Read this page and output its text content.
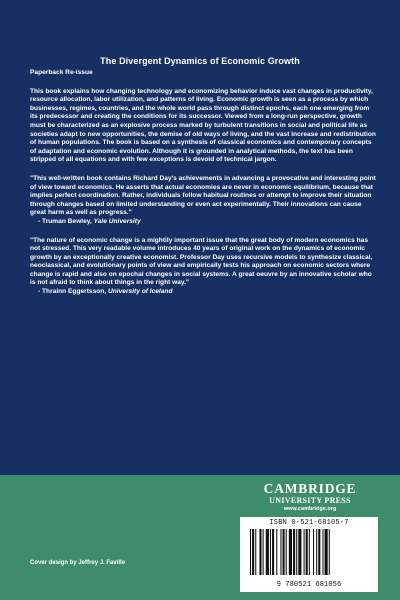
The Divergent Dynamics of Economic Growth
Paperback Re-issue
This book explains how changing technology and economizing behavior induce vast changes in productivity, resource allocation, labor utilization, and patterns of living. Economic growth is seen as a process by which businesses, regimes, countries, and the whole world pass through distinct epochs, each one emerging from its predecessor and creating the conditions for its successor. Viewed from a long-run perspective, growth must be characterized as an explosive process marked by turbulent transitions in social and political life as societies adapt to new opportunities, the demise of old ways of living, and the vast increase and redistribution of human populations. The book is based on a synthesis of classical economics and contemporary concepts of adaptation and economic evolution. Although it is grounded in analytical methods, the text has been stripped of all equations and with few exceptions is devoid of technical jargon.
"This well-written book contains Richard Day's achievements in advancing a provocative and interesting point of view toward economics. He asserts that actual economies are never in economic equilibrium, because that implies perfect coordination. Rather, individuals follow habitual routines or attempt to improve their situation through changes based on limited understanding or even act experimentally. Their innovations can cause great harm as well as progress."
- Truman Bewley, Yale University
"The nature of economic change is a mightily important issue that the great body of modern economics has not stressed. This very readable volume introduces 40 years of original work on the dynamics of economic growth by an exceptionally creative economist. Professor Day uses recursive models to synthesize classical, neoclassical, and evolutionary points of view and empirically tests his approach on economic sectors where change is rapid and also on epochal changes in social systems. A great oeuvre by an innovative scholar who is not afraid to think about things in the right way."
- Thrainn Eggertsson, University of Iceland
CAMBRIDGE
UNIVERSITY PRESS
www.cambridge.org
ISBN 0-521-68105-7
9 780521 681056
Cover design by Jeffrey J. Faville
